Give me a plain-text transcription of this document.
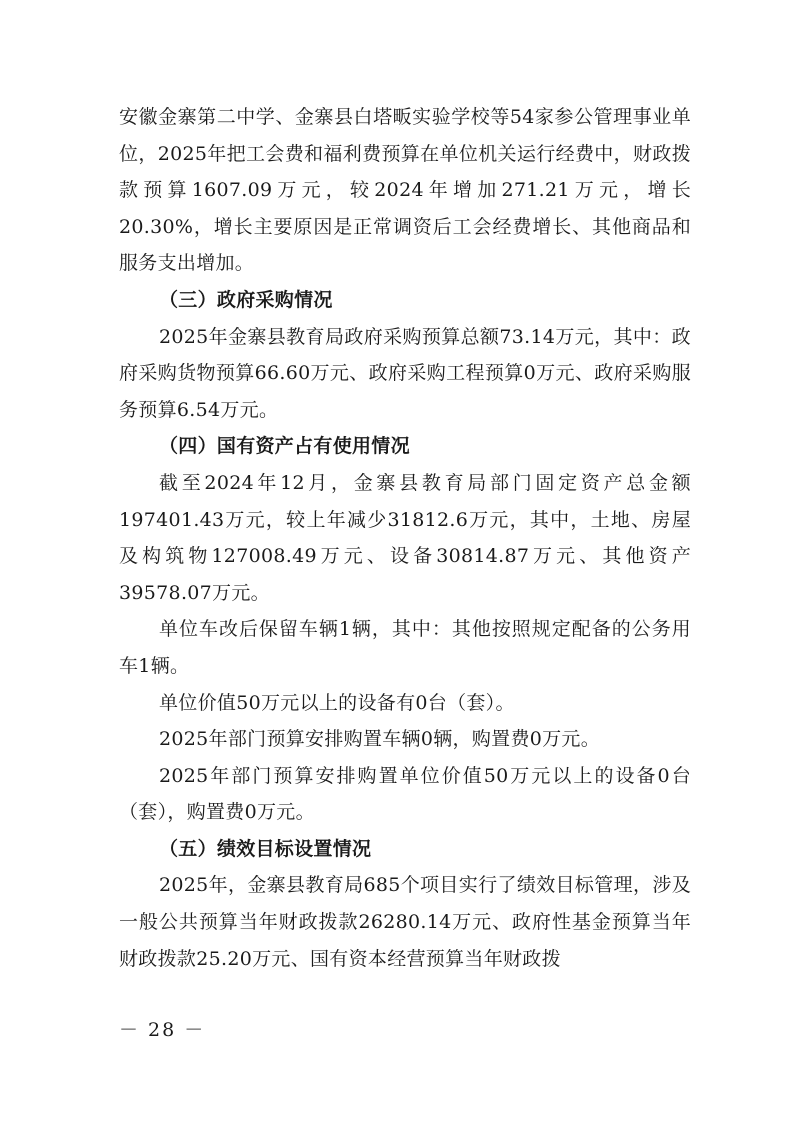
安徽金寨第二中学、金寨县白塔畈实验学校等54家参公管理事业单位，2025年把工会费和福利费预算在单位机关运行经费中，财政拨款预算1607.09万元，较2024年增加271.21万元，增长20.30%，增长主要原因是正常调资后工会经费增长、其他商品和服务支出增加。

（三）政府采购情况

2025年金寨县教育局政府采购预算总额73.14万元，其中：政府采购货物预算66.60万元、政府采购工程预算0万元、政府采购服务预算6.54万元。

（四）国有资产占有使用情况

截至2024年12月，金寨县教育局部门固定资产总金额197401.43万元，较上年减少31812.6万元，其中，土地、房屋及构筑物127008.49万元、设备30814.87万元、其他资产39578.07万元。

单位车改后保留车辆1辆，其中：其他按照规定配备的公务用车1辆。

单位价值50万元以上的设备有0台（套）。

2025年部门预算安排购置车辆0辆，购置费0万元。

2025年部门预算安排购置单位价值50万元以上的设备0台（套），购置费0万元。

（五）绩效目标设置情况

2025年，金寨县教育局685个项目实行了绩效目标管理，涉及一般公共预算当年财政拨款26280.14万元、政府性基金预算当年财政拨款25.20万元、国有资本经营预算当年财政拨

－ 28 －
